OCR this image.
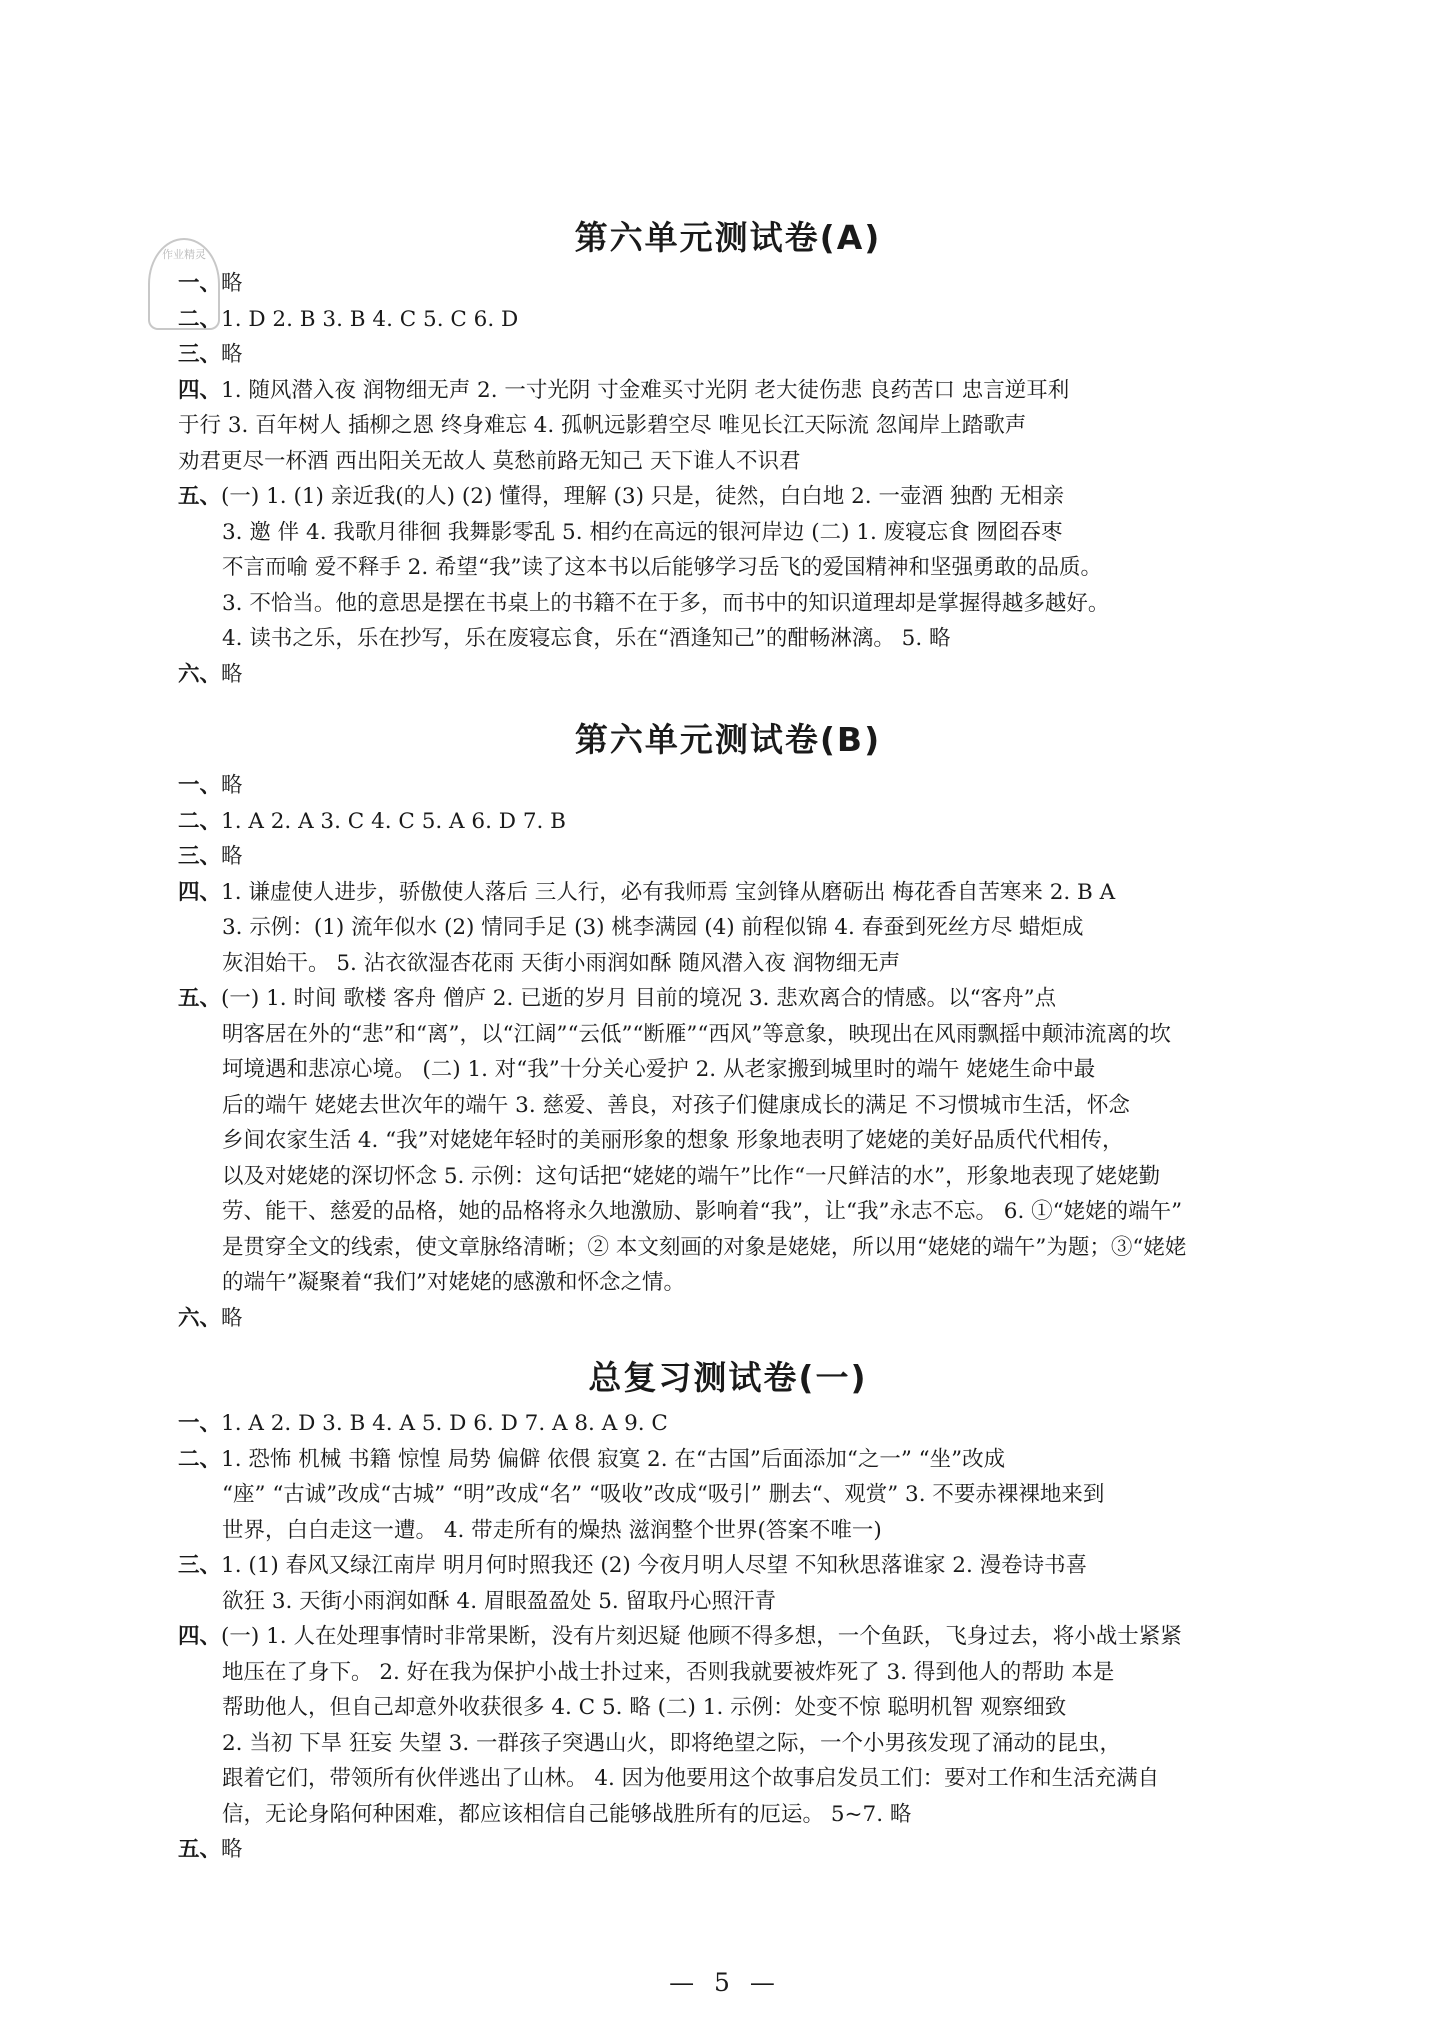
作业精灵	第六单元测试卷(A)
一、 略
二、 1. D 2. B 3. B 4. C 5. C 6. D
三、 略
四、 1. 随风潜入夜 润物细无声 2. 一寸光阴 寸金难买寸光阴 老大徒伤悲 良药苦口 忠言逆耳利
于行 3. 百年树人 插柳之恩 终身难忘 4. 孤帆远影碧空尽 唯见长江天际流 忽闻岸上踏歌声
劝君更尽一杯酒 西出阳关无故人 莫愁前路无知己 天下谁人不识君
五、 (一) 1. (1) 亲近我(的人) (2) 懂得，理解 (3) 只是，徒然，白白地 2. 一壶酒 独酌 无相亲
3. 邀 伴 4. 我歌月徘徊 我舞影零乱 5. 相约在高远的银河岸边 (二) 1. 废寝忘食 囫囵吞枣
不言而喻 爱不释手 2. 希望“我”读了这本书以后能够学习岳飞的爱国精神和坚强勇敢的品质。
3. 不恰当。他的意思是摆在书桌上的书籍不在于多，而书中的知识道理却是掌握得越多越好。
4. 读书之乐，乐在抄写，乐在废寝忘食，乐在“酒逢知己”的酣畅淋漓。 5. 略
六、 略
第六单元测试卷(B)
一、 略
二、 1. A 2. A 3. C 4. C 5. A 6. D 7. B
三、 略
四、 1. 谦虚使人进步，骄傲使人落后 三人行，必有我师焉 宝剑锋从磨砺出 梅花香自苦寒来 2. B A
3. 示例：(1) 流年似水 (2) 情同手足 (3) 桃李满园 (4) 前程似锦 4. 春蚕到死丝方尽 蜡炬成
灰泪始干。 5. 沾衣欲湿杏花雨 天街小雨润如酥 随风潜入夜 润物细无声
五、 (一) 1. 时间 歌楼 客舟 僧庐 2. 已逝的岁月 目前的境况 3. 悲欢离合的情感。以“客舟”点
明客居在外的“悲”和“离”，以“江阔”“云低”“断雁”“西风”等意象，映现出在风雨飘摇中颠沛流离的坎
坷境遇和悲凉心境。 (二) 1. 对“我”十分关心爱护 2. 从老家搬到城里时的端午 姥姥生命中最
后的端午 姥姥去世次年的端午 3. 慈爱、善良，对孩子们健康成长的满足 不习惯城市生活，怀念
乡间农家生活 4. “我”对姥姥年轻时的美丽形象的想象 形象地表明了姥姥的美好品质代代相传，
以及对姥姥的深切怀念 5. 示例：这句话把“姥姥的端午”比作“一尺鲜洁的水”，形象地表现了姥姥勤
劳、能干、慈爱的品格，她的品格将永久地激励、影响着“我”，让“我”永志不忘。 6. ①“姥姥的端午”
是贯穿全文的线索，使文章脉络清晰；② 本文刻画的对象是姥姥，所以用“姥姥的端午”为题；③“姥姥
的端午”凝聚着“我们”对姥姥的感激和怀念之情。
六、 略
总复习测试卷(一)
一、 1. A 2. D 3. B 4. A 5. D 6. D 7. A 8. A 9. C
二、 1. 恐怖 机械 书籍 惊惶 局势 偏僻 依偎 寂寞 2. 在“古国”后面添加“之一” “坐”改成
“座” “古诚”改成“古城” “明”改成“名” “吸收”改成“吸引” 删去“、观赏” 3. 不要赤裸裸地来到
世界，白白走这一遭。 4. 带走所有的燥热 滋润整个世界(答案不唯一)
三、 1. (1) 春风又绿江南岸 明月何时照我还 (2) 今夜月明人尽望 不知秋思落谁家 2. 漫卷诗书喜
欲狂 3. 天街小雨润如酥 4. 眉眼盈盈处 5. 留取丹心照汗青
四、 (一) 1. 人在处理事情时非常果断，没有片刻迟疑 他顾不得多想，一个鱼跃，飞身过去，将小战士紧紧
地压在了身下。 2. 好在我为保护小战士扑过来，否则我就要被炸死了 3. 得到他人的帮助 本是
帮助他人，但自己却意外收获很多 4. C 5. 略 (二) 1. 示例：处变不惊 聪明机智 观察细致
2. 当初 下旱 狂妄 失望 3. 一群孩子突遇山火，即将绝望之际，一个小男孩发现了涌动的昆虫，
跟着它们，带领所有伙伴逃出了山林。 4. 因为他要用这个故事启发员工们：要对工作和生活充满自
信，无论身陷何种困难，都应该相信自己能够战胜所有的厄运。 5~7. 略
五、 略
— 5 —
